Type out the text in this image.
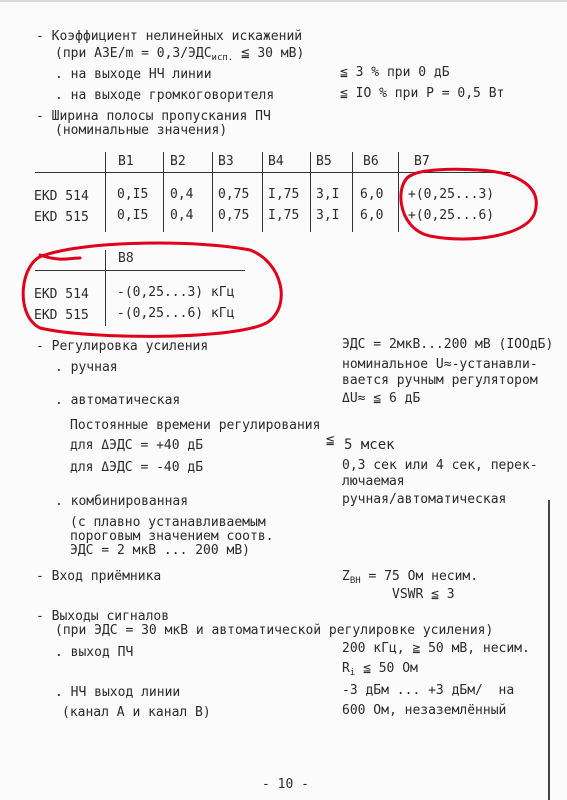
- Коэффициент нелинейных искажений
(при $АЗЕ/m = 0,3/ЭДС_{исп.}$ ≦ 30 мВ)
. на выходе НЧ линии	≦ 3 % при 0 дБ
. на выходе громкоговорителя	≦ IO % при P = 0,5 Вт
- Ширина полосы пропускания ПЧ
(номинальные значения)
B1	B2 B3	B4 B5 B6	B7
EKD 514 0,I5 0,4 0,75 I,75 3,I 6,0 +(0,25...3)
EKD 515 0,I5 0,4 0,75 I,75 3,I 6,0 +(0,25...6)
B8
EKD 514 -(0,25...3) кГц
EKD 515 -(0,25...6) кГц
- Регулировка усиления	ЭДС = 2мкВ...200 мВ (IOOдБ)
. ручная	номинальное U≈-устанавли-
вается ручным регулятором
. автоматическая	ΔU≈ ≦ 6 дБ
Постоянные времени регулирования
для ΔЭДС = +40 дБ	≦ 5 мсек
для ΔЭДС = -40 дБ	0,3 сек или 4 сек, перек-
лючаемая
. комбинированная	ручная/автоматическая
(с плавно устанавливаемым
пороговым значением соотв.
ЭДС = 2 мкВ ... 200 мВ)
- Вход приёмника	$Z_{BH} = 75$ Ом несим.
VSWR ≦ 3
- Выходы сигналов
(при ЭДС = 30 мкВ и автоматической регулировке усиления)
. выход ПЧ	200 кГц, ≧ 50 мВ, несим.
$R_i$ ≦ 50 Ом
. НЧ выход линии	-3 дБм ... +3 дБм/  на
(канал А и канал В)	600 Ом, незаземлённый
- 10 -
